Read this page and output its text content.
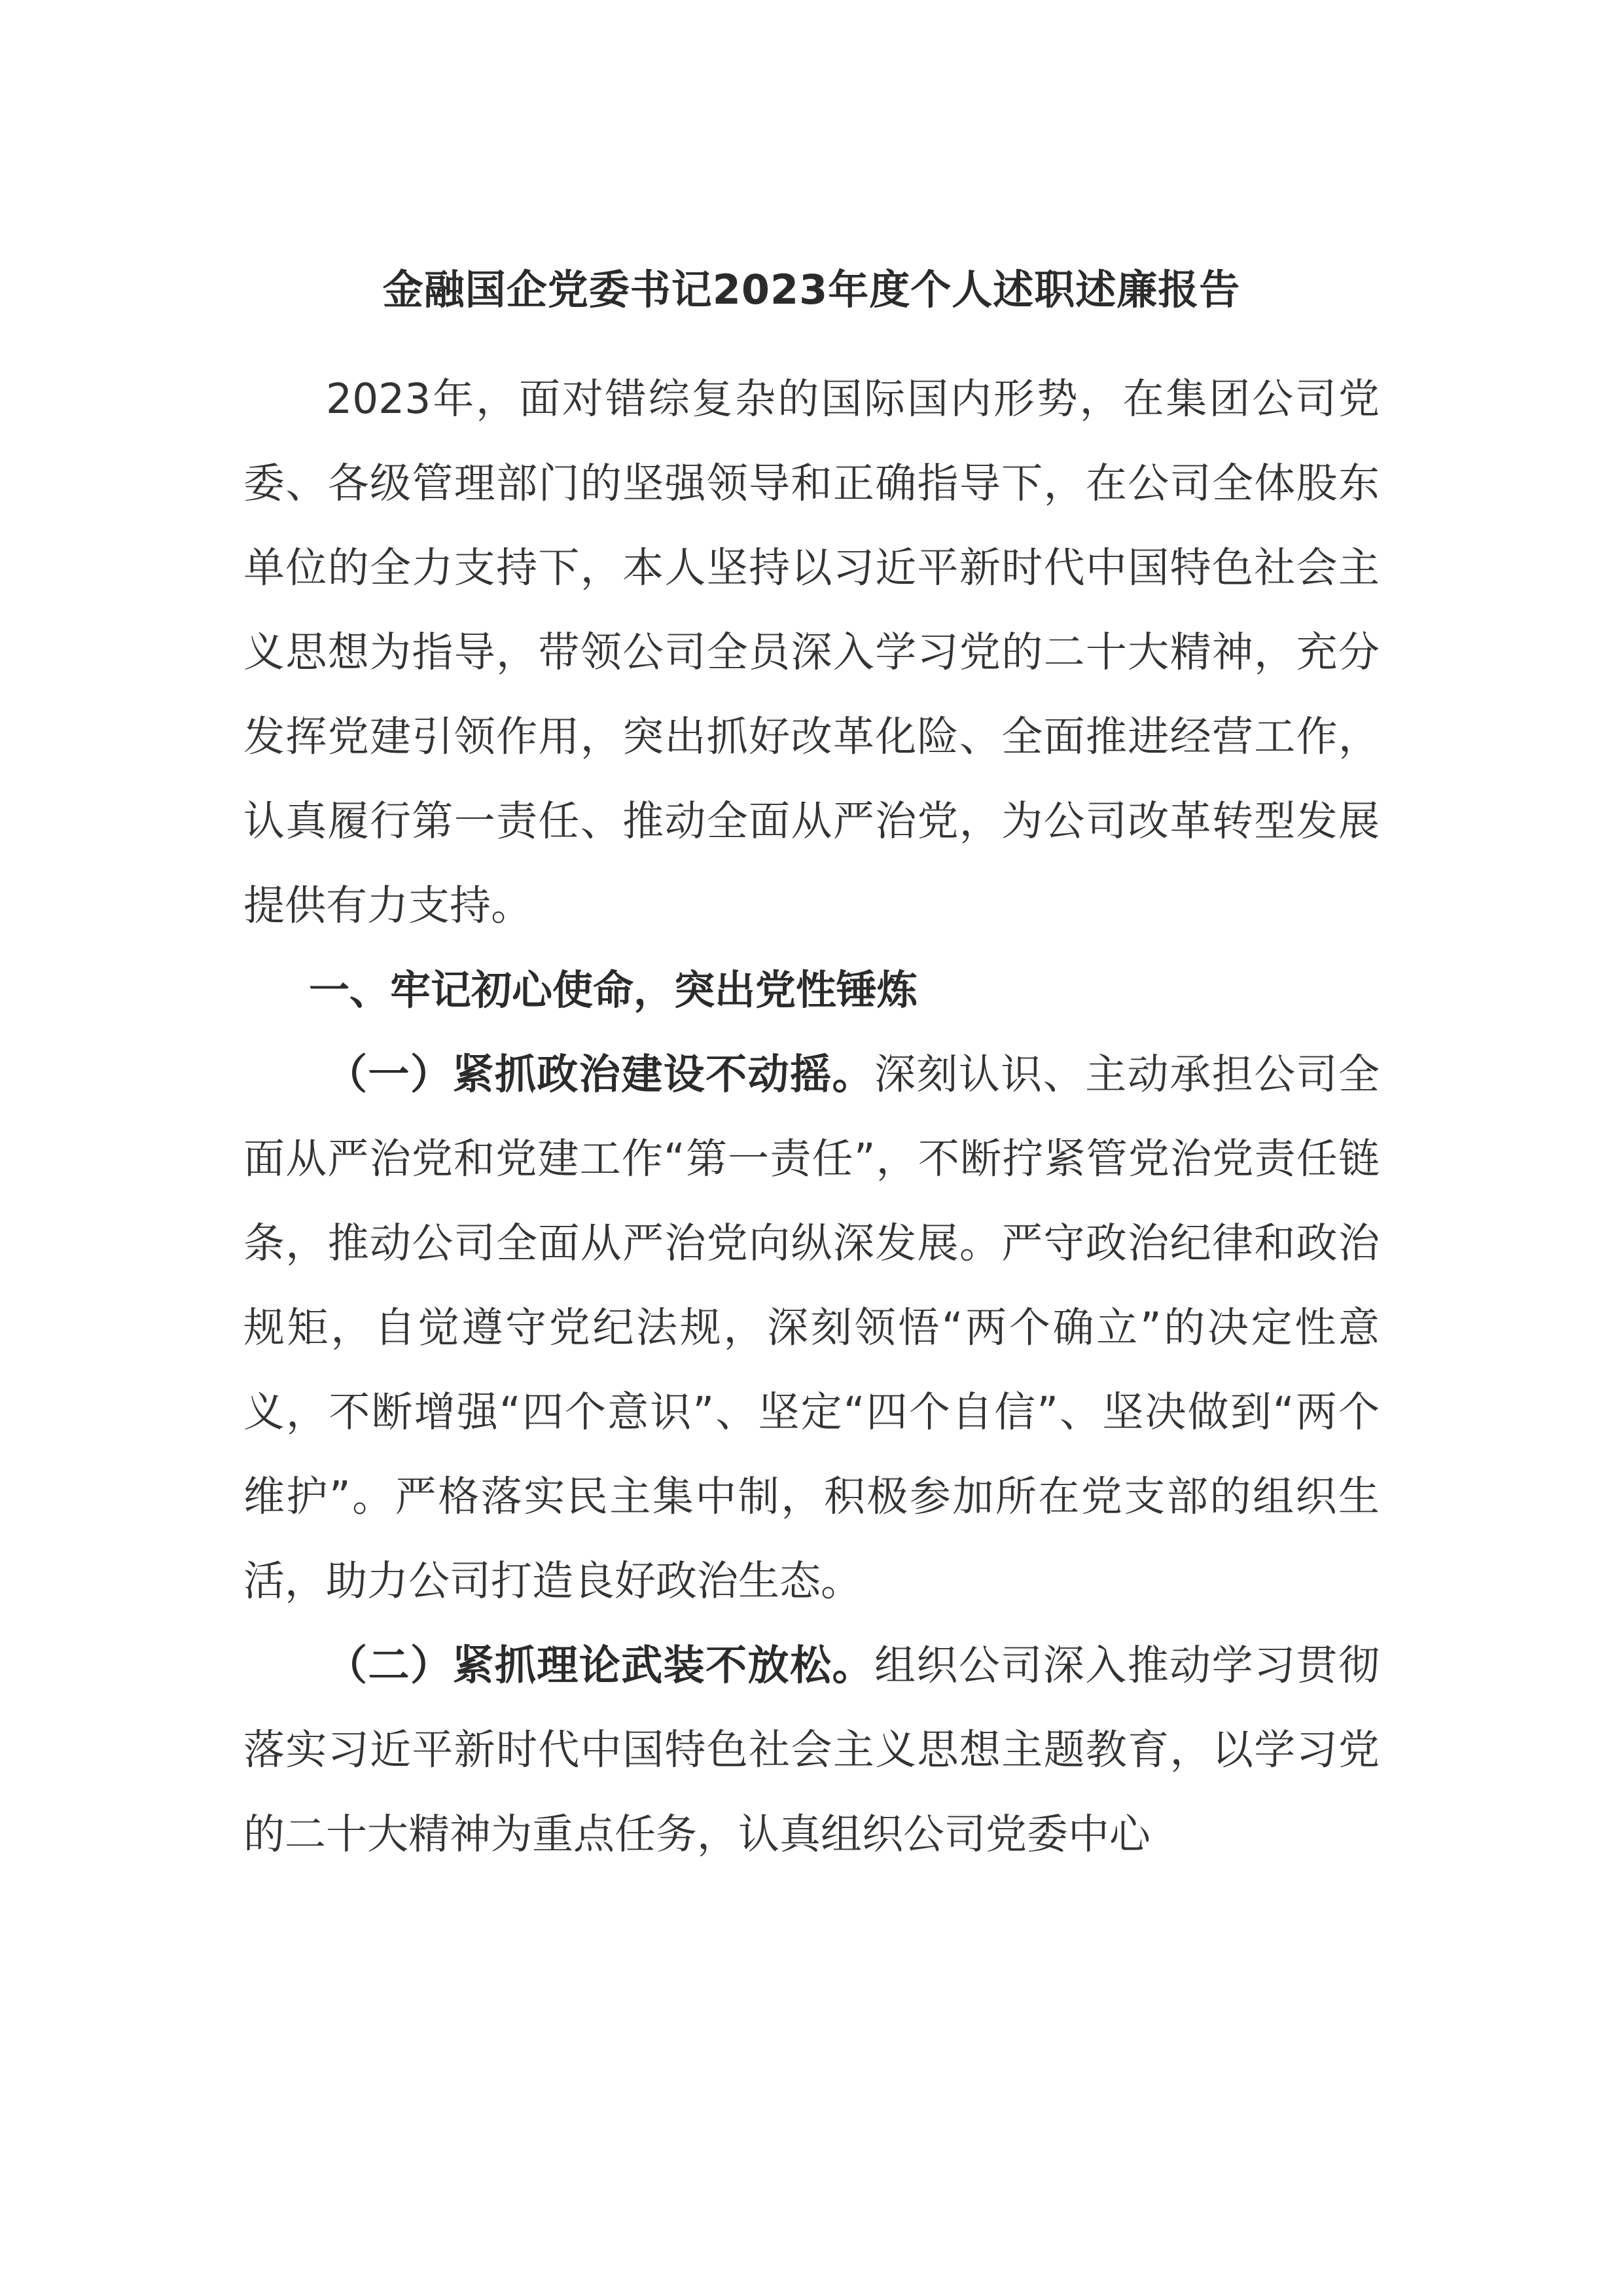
金融国企党委书记2023年度个人述职述廉报告

2023年，面对错综复杂的国际国内形势，在集团公司党委、各级管理部门的坚强领导和正确指导下，在公司全体股东单位的全力支持下，本人坚持以习近平新时代中国特色社会主义思想为指导，带领公司全员深入学习党的二十大精神，充分发挥党建引领作用，突出抓好改革化险、全面推进经营工作，认真履行第一责任、推动全面从严治党，为公司改革转型发展提供有力支持。

一、牢记初心使命，突出党性锤炼

（一）紧抓政治建设不动摇。深刻认识、主动承担公司全面从严治党和党建工作“第一责任”，不断拧紧管党治党责任链条，推动公司全面从严治党向纵深发展。严守政治纪律和政治规矩，自觉遵守党纪法规，深刻领悟“两个确立”的决定性意义，不断增强“四个意识”、坚定“四个自信”、坚决做到“两个维护”。严格落实民主集中制，积极参加所在党支部的组织生活，助力公司打造良好政治生态。

（二）紧抓理论武装不放松。组织公司深入推动学习贯彻落实习近平新时代中国特色社会主义思想主题教育，以学习党的二十大精神为重点任务，认真组织公司党委中心
